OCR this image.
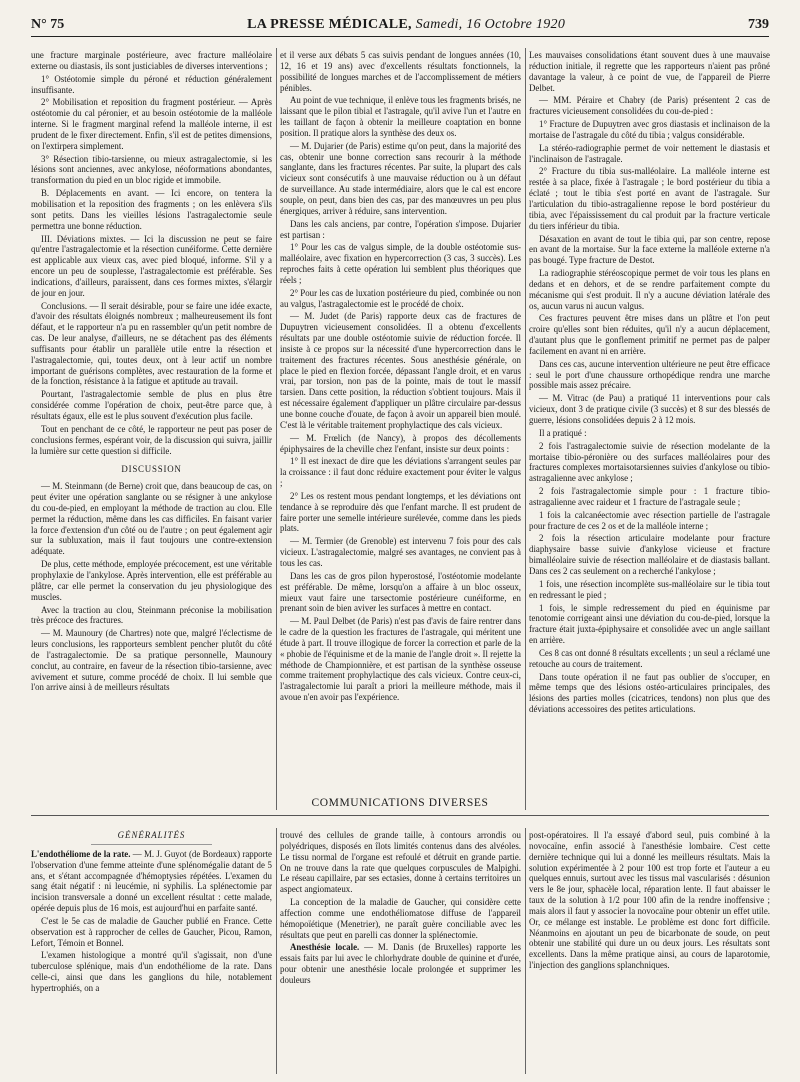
N° 75	LA PRESSE MÉDICALE, Samedi, 16 Octobre 1920	739

une fracture marginale postérieure, avec fracture malléolaire externe ou diastasis, ils sont justiciables de diverses interventions ;

1° Ostéotomie simple du péroné et réduction généralement insuffisante.

2° Mobilisation et reposition du fragment postérieur. — Après ostéotomie du cal péronier, et au besoin ostéotomie de la malléole interne. Si le fragment marginal refend la malléole interne, il est prudent de le fixer directement. Enfin, s'il est de petites dimensions, on l'extirpera simplement.

3° Résection tibio-tarsienne, ou mieux astragalectomie, si les lésions sont anciennes, avec ankylose, néoformations abondantes, transformation du pied en un bloc rigide et immobile.

B. Déplacements en avant. — Ici encore, on tentera la mobilisation et la reposition des fragments ; on les enlèvera s'ils sont petits. Dans les vieilles lésions l'astragalectomie seule permettra une bonne réduction.

III. Déviations mixtes. — Ici la discussion ne peut se faire qu'entre l'astragalectomie et la résection cunéiforme. Cette dernière est applicable aux vieux cas, avec pied bloqué, informe. S'il y a encore un peu de souplesse, l'astragalectomie est préférable. Ses indications, d'ailleurs, paraissent, dans ces formes mixtes, s'élargir de jour en jour.

Conclusions. — Il serait désirable, pour se faire une idée exacte, d'avoir des résultats éloignés nombreux ; malheureusement ils font défaut, et le rapporteur n'a pu en rassembler qu'un petit nombre de cas. De leur analyse, d'ailleurs, ne se détachent pas des éléments suffisants pour établir un parallèle utile entre la résection et l'astragalectomie, qui, toutes deux, ont à leur actif un nombre important de guérisons complètes, avec restauration de la forme et de la fonction, résistance à la fatigue et aptitude au travail.

Pourtant, l'astragalectomie semble de plus en plus être considérée comme l'opération de choix, peut-être parce que, à résultats égaux, elle est le plus souvent d'exécution plus facile.

Tout en penchant de ce côté, le rapporteur ne peut pas poser de conclusions fermes, espérant voir, de la discussion qui suivra, jaillir la lumière sur cette question si difficile.

DISCUSSION

— M. Steinmann (de Berne) croit que, dans beaucoup de cas, on peut éviter une opération sanglante ou se résigner à une ankylose du cou-de-pied, en employant la méthode de traction au clou. Elle permet la réduction, même dans les cas difficiles. En faisant varier la force d'extension d'un côté ou de l'autre ; on peut également agir sur la subluxation, mais il faut toujours une contre-extension adéquate.

De plus, cette méthode, employée précocement, est une véritable prophylaxie de l'ankylose. Après intervention, elle est préférable au plâtre, car elle permet la conservation du jeu physiologique des muscles.

Avec la traction au clou, Steinmann préconise la mobilisation très précoce des fractures.

— M. Maunoury (de Chartres) note que, malgré l'éclectisme de leurs conclusions, les rapporteurs semblent pencher plutôt du côté de l'astragalectomie. De sa pratique personnelle, Maunoury conclut, au contraire, en faveur de la résection tibio-tarsienne, avec avivement et suture, comme procédé de choix. Il lui semble que l'on arrive ainsi à de meilleurs résultats

et il verse aux débats 5 cas suivis pendant de longues années (10, 12, 16 et 19 ans) avec d'excellents résultats fonctionnels, la possibilité de longues marches et de l'accomplissement de métiers pénibles.

Au point de vue technique, il enlève tous les fragments brisés, ne laissant que le pilon tibial et l'astragale, qu'il avive l'un et l'autre en les taillant de façon à obtenir la meilleure coaptation en bonne position. Il pratique alors la synthèse des deux os.

— M. Dujarier (de Paris) estime qu'on peut, dans la majorité des cas, obtenir une bonne correction sans recourir à la méthode sanglante, dans les fractures récentes. Par suite, la plupart des cals vicieux sont consécutifs à une mauvaise réduction ou à un défaut de surveillance. Au stade intermédiaire, alors que le cal est encore souple, on peut, dans bien des cas, par des manœuvres un peu plus énergiques, arriver à réduire, sans intervention.

Dans les cals anciens, par contre, l'opération s'impose. Dujarier est partisan :

1° Pour les cas de valgus simple, de la double ostéotomie sus-malléolaire, avec fixation en hypercorrection (3 cas, 3 succès). Les reproches faits à cette opération lui semblent plus théoriques que réels ;

2° Pour les cas de luxation postérieure du pied, combinée ou non au valgus, l'astragalectomie est le procédé de choix.

— M. Judet (de Paris) rapporte deux cas de fractures de Dupuytren vicieusement consolidées. Il a obtenu d'excellents résultats par une double ostéotomie suivie de réduction forcée. Il insiste à ce propos sur la nécessité d'une hypercorrection dans le traitement des fractures récentes. Sous anesthésie générale, on place le pied en flexion forcée, dépassant l'angle droit, et en varus vrai, par torsion, non pas de la pointe, mais de tout le massif tarsien. Dans cette position, la réduction s'obtient toujours. Mais il est nécessaire également d'appliquer un plâtre circulaire par-dessus une bonne couche d'ouate, de façon à avoir un appareil bien moulé. C'est là le véritable traitement prophylactique des cals vicieux.

— M. Frœlich (de Nancy), à propos des décollements épiphysaires de la cheville chez l'enfant, insiste sur deux points :

1° Il est inexact de dire que les déviations s'arrangent seules par la croissance : il faut donc réduire exactement pour éviter le valgus ;

2° Les os restent mous pendant longtemps, et les déviations ont tendance à se reproduire dès que l'enfant marche. Il est prudent de faire porter une semelle intérieure surélevée, comme dans les pieds plats.

— M. Termier (de Grenoble) est intervenu 7 fois pour des cals vicieux. L'astragalectomie, malgré ses avantages, ne convient pas à tous les cas.

Dans les cas de gros pilon hyperostosé, l'ostéotomie modelante est préférable. De même, lorsqu'on a affaire à un bloc osseux, mieux vaut faire une tarsectomie postérieure cunéiforme, en prenant soin de bien aviver les surfaces à mettre en contact.

— M. Paul Delbet (de Paris) n'est pas d'avis de faire rentrer dans le cadre de la question les fractures de l'astragale, qui méritent une étude à part. Il trouve illogique de forcer la correction et parle de la « phobie de l'équinisme et de la manie de l'angle droit ». Il rejette la méthode de Championnière, et est partisan de la synthèse osseuse comme traitement prophylactique des cals vicieux. Contre ceux-ci, l'astragalectomie lui paraît a priori la meilleure méthode, mais il avoue n'en avoir pas l'expérience.

Les mauvaises consolidations étant souvent dues à une mauvaise réduction initiale, il regrette que les rapporteurs n'aient pas prôné davantage la valeur, à ce point de vue, de l'appareil de Pierre Delbet.

— MM. Péraire et Chabry (de Paris) présentent 2 cas de fractures vicieusement consolidées du cou-de-pied :

1° Fracture de Dupuytren avec gros diastasis et inclinaison de la mortaise de l'astragale du côté du tibia ; valgus considérable.

La stéréo-radiographie permet de voir nettement le diastasis et l'inclinaison de l'astragale.

2° Fracture du tibia sus-malléolaire. La malléole interne est restée à sa place, fixée à l'astragale ; le bord postérieur du tibia a éclaté ; tout le tibia s'est porté en avant de l'astragale. Sur l'articulation du tibio-astragalienne repose le bord postérieur du tibia, avec l'épaississement du cal produit par la fracture verticale du tiers inférieur du tibia.

Désaxation en avant de tout le tibia qui, par son centre, repose en avant de la mortaise. Sur la face externe la malléole externe n'a pas bougé. Type fracture de Destot.

La radiographie stéréoscopique permet de voir tous les plans en dedans et en dehors, et de se rendre parfaitement compte du mécanisme qui s'est produit. Il n'y a aucune déviation latérale des os, aucun varus ni aucun valgus.

Ces fractures peuvent être mises dans un plâtre et l'on peut croire qu'elles sont bien réduites, qu'il n'y a aucun déplacement, d'autant plus que le gonflement primitif ne permet pas de palper facilement en avant ni en arrière.

Dans ces cas, aucune intervention ultérieure ne peut être efficace : seul le port d'une chaussure orthopédique rendra une marche possible mais assez précaire.

— M. Vitrac (de Pau) a pratiqué 11 interventions pour cals vicieux, dont 3 de pratique civile (3 succès) et 8 sur des blessés de guerre, lésions consolidées depuis 2 à 12 mois.

Il a pratiqué :

2 fois l'astragalectomie suivie de résection modelante de la mortaise tibio-péronière ou des surfaces malléolaires pour des fractures complexes mortaisotarsiennes suivies d'ankylose ou tibio-astragalienne avec ankylose ;

2 fois l'astragalectomie simple pour : 1 fracture tibio-astragalienne avec raideur et 1 fracture de l'astragale seule ;

1 fois la calcanéectomie avec résection partielle de l'astragale pour fracture de ces 2 os et de la malléole interne ;

2 fois la résection articulaire modelante pour fracture diaphysaire basse suivie d'ankylose vicieuse et fracture bimalléolaire suivie de résection malléolaire et de diastasis ballant. Dans ces 2 cas seulement on a recherché l'ankylose ;

1 fois, une résection incomplète sus-malléolaire sur le tibia tout en redressant le pied ;

1 fois, le simple redressement du pied en équinisme par tenotomie corrigeant ainsi une déviation du cou-de-pied, lorsque la fracture était juxta-épiphysaire et consolidée avec un angle saillant en arrière.

Ces 8 cas ont donné 8 résultats excellents ; un seul a réclamé une retouche au cours de traitement.

Dans toute opération il ne faut pas oublier de s'occuper, en même temps que des lésions ostéo-articulaires principales, des lésions des parties molles (cicatrices, tendons) non plus que des déviations accessoires des petites articulations.

COMMUNICATIONS DIVERSES

GÉNÉRALITÉS

L'endothéliome de la rate. — M. J. Guyot (de Bordeaux) rapporte l'observation d'une femme atteinte d'une splénomégalie datant de 5 ans, et s'étant accompagnée d'hémoptysies répétées. L'examen du sang était négatif : ni leucémie, ni syphilis. La splénectomie par incision transversale a donné un excellent résultat : cette malade, opérée depuis plus de 16 mois, est aujourd'hui en parfaite santé.

C'est le 5e cas de maladie de Gaucher publié en France. Cette observation est à rapprocher de celles de Gaucher, Picou, Ramon, Lefort, Témoin et Bonnel.

L'examen histologique a montré qu'il s'agissait, non d'une tuberculose splénique, mais d'un endothéliome de la rate. Dans celle-ci, ainsi que dans les ganglions du hile, notablement hypertrophiés, on a

trouvé des cellules de grande taille, à contours arrondis ou polyédriques, disposés en îlots limités contenus dans des alvéoles. Le tissu normal de l'organe est refoulé et détruit en grande partie. On ne trouve dans la rate que quelques corpuscules de Malpighi. Le réseau capillaire, par ses ectasies, donne à certains territoires un aspect angiomateux.

La conception de la maladie de Gaucher, qui considère cette affection comme une endothéliomatose diffuse de l'appareil hémopoïétique (Menetrier), ne paraît guère conciliable avec les résultats que peut en parelli cas donner la splénectomie.

Anesthésie locale. — M. Danis (de Bruxelles) rapporte les essais faits par lui avec le chlorhydrate double de quinine et d'urée, pour obtenir une anesthésie locale prolongée et supprimer les douleurs

post-opératoires. Il l'a essayé d'abord seul, puis combiné à la novocaïne, enfin associé à l'anesthésie lombaire. C'est cette dernière technique qui lui a donné les meilleurs résultats. Mais la solution expérimentée à 2 pour 100 est trop forte et l'auteur a eu quelques ennuis, surtout avec les tissus mal vascularisés : désunion vers le 8e jour, sphacèle local, réparation lente. Il faut abaisser le taux de la solution à 1/2 pour 100 afin de la rendre inoffensive ; mais alors il faut y associer la novocaïne pour obtenir un effet utile. Or, ce mélange est instable. Le problème est donc fort difficile. Néanmoins en ajoutant un peu de bicarbonate de soude, on peut obtenir une stabilité qui dure un ou deux jours. Les résultats sont excellents. Dans la même pratique ainsi, au cours de laparotomie, l'injection des ganglions splanchniques.
